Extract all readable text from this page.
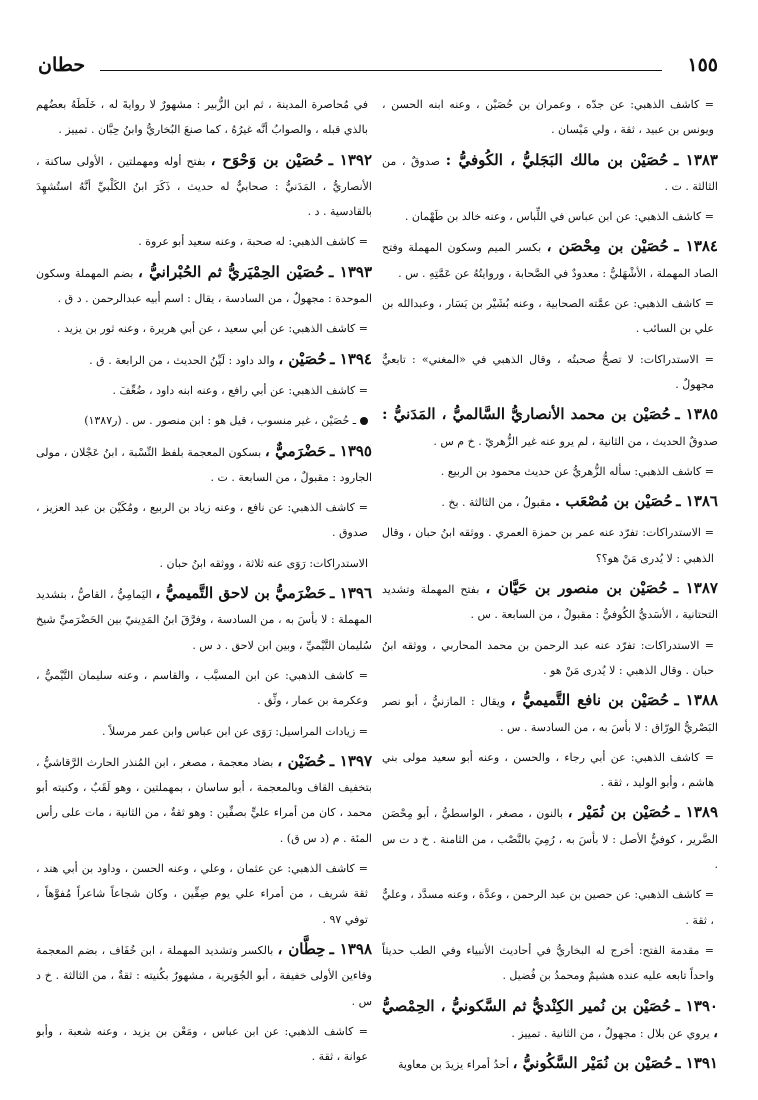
١٥٥
حطان

= كاشف الذهبي: عن جدّه ، وعمران بن حُصَيْن ، وعنه ابنه الحسن ، ويونس بن عبيد ، ثقة ، ولي مَيْسان .

١٣٨٣ ـ حُصَيْن بن مالك البَجَليُّ ، الكُوفيُّ : صدوقٌ ، من الثالثة . ت .

= كاشف الذهبي: عن ابن عباس في اللِّباس ، وعنه خالد بن طَهْمان .

١٣٨٤ ـ حُصَيْن بن مِحْصَن ، بكسر الميم وسكون المهملة وفتح الصاد المهملة ، الأشْهَليُّ : معدودٌ في الصَّحابة ، وروايتُهُ عن عَمَّتِهِ . س .

= كاشف الذهبي: عن عمَّته الصحابية ، وعنه بُشَيْر بن يَسَار ، وعبدالله بن علي بن السائب .

= الاستدراكات: لا تصحُّ صحبتُه ، وقال الذهبي في «المغني» : تابعيٌّ مجهولٌ .

١٣٨٥ ـ حُصَيْن بن محمد الأنصاريُّ السَّالميُّ ، المَدَنيُّ : صدوقٌ الحديث ، من الثانية ، لم يرو عنه غير الزُّهريّ . خ م س .

= كاشف الذهبي: سأله الزُّهريُّ عن حديث محمود بن الربيع .

١٣٨٦ ـ حُصَيْن بن مُصْعَب . مقبولٌ ، من الثالثة . بخ .

= الاستدراكات: تفرّد عنه عمر بن حمزة العمري . ووثقه ابنُ حبان ، وقال الذهبي : لا يُدرى مَنْ هو؟؟

١٣٨٧ ـ حُصَيْن بن منصور بن حَيَّان ، بفتح المهملة وتشديد التحتانية ، الأسَديُّ الكُوفيُّ : مقبولٌ ، من السابعة . س .

= الاستدراكات: تفرّد عنه عبد الرحمن بن محمد المحاربي ، ووثقه ابنُ حبان . وقال الذهبي : لا يُدرى مَنْ هو .

١٣٨٨ ـ حُصَيْن بن نافع التَّميميُّ ، ويقال : المازنيُّ ، أبو نصر البَصْريُّ الورّاق : لا بأسَ به ، من السادسة . س .

= كاشف الذهبي: عن أبي رجاء ، والحسن ، وعنه أبو سعيد مولى بني هاشم ، وأبو الوليد ، ثقة .

١٣٨٩ ـ حُصَيْن بن نُمَيْر ، بالنون ، مصغر ، الواسطيُّ ، أبو مِحْصَن الضَّرير ، كوفيُّ الأصل : لا بأسَ به ، رُمِيَ بالنَّصْب ، من الثامنة . خ د ت س .

= كاشف الذهبي: عن حصين بن عبد الرحمن ، وعدَّة ، وعنه مسدَّد ، وعليٌّ ، ثقة .

= مقدمة الفتح: أخرج له البخاريُّ في أحاديث الأنبياء وفي الطب حديثاً واحداً تابعه عليه عنده هشيمٌ ومحمدُ بن فُضيل .

١٣٩٠ ـ حُصَيْن بن نُمير الكِنْديُّ ثم السَّكونيُّ ، الحِمْصيُّ ، يروي عن بلال : مجهولٌ ، من الثانية . تمييز .

١٣٩١ ـ حُصَيْن بن نُمَيْر السَّكُونيُّ ، أحدُ أمراء يزيدَ بن معاوية

في مُحاصرة المدينة ، ثم ابن الزُّبير : مشهورٌ لا روايةَ له ، خَلَطَهُ بعضُهم بالذي قبله ، والصوابُ أنَّه غيرُهُ ، كما صنعَ البُخاريُّ وابنُ حِبَّان . تمييز .

١٣٩٢ ـ حُصَيْن بن وَحْوَح ، بفتح أوله ومهملتين ، الأولى ساكنة ، الأنصاريُّ ، المَدَنيُّ : صحابيٌّ له حديث ، ذَكَرَ ابنُ الكَلْبيِّ أنَّهُ استُشهِدَ بالقادسية . د .

= كاشف الذهبي: له صحبة ، وعنه سعيد أبو عروة .

١٣٩٣ ـ حُصَيْن الحِمْيَريُّ ثم الحُبْرانيُّ ، بضم المهملة وسكون الموحدة : مجهولٌ ، من السادسة ، يقال : اسم أبيه عبدالرحمن . د ق .

= كاشف الذهبي: عن أبي سعيد ، عن أبي هريرة ، وعنه ثور بن يزيد .

١٣٩٤ ـ حُصَيْن ، والد داود : لَيِّنُ الحديث ، من الرابعة . ق .

= كاشف الذهبي: عن أبي رافع ، وعنه ابنه داود ، ضُعِّفَ .

ـ حُصَيْن ، غير منسوب ، قيل هو : ابن منصور . س . (ر١٣٨٧)

١٣٩٥ ـ حَضْرَميٌّ ، بسكون المعجمة بلفظ النِّسْبة ، ابنُ عَجْلان ، مولى الجارود : مقبولٌ ، من السابعة . ت .

= كاشف الذهبي: عن نافع ، وعنه زياد بن الربيع ، ومُكَيْن بن عبد العزيز ، صدوق .

الاستدراكات: رَوَى عنه ثلاثة ، ووثقه ابنُ حبان .

١٣٩٦ ـ حَضْرَميُّ بن لاحق التَّميميُّ ، اليَمامِيُّ ، القاصُّ ، بتشديد المهملة : لا بأسَ به ، من السادسة ، وفرَّقَ ابنُ المَدِينيّ بين الحَضْرَميِّ شيخ سُليمان التَّيْميِّ ، وبين ابن لاحق . د س .

= كاشف الذهبي: عن ابن المسيَّب ، والقاسم ، وعنه سليمان التَّيْميُّ ، وعكرمة بن عمار ، وثِّق .

= زيادات المراسيل: رَوَى عن ابن عباس وابن عمر مرسلاً .

١٣٩٧ ـ حُضَيْن ، بضاد معجمة ، مصغر ، ابن المُنذر الحارث الرَّقاشيُّ ، بتخفيف القاف وبالمعجمة ، أبو ساسان ، بمهملتين ، وهو لَقَبٌ ، وكنيته أبو محمد ، كان من أمراء عليٍّ بصفِّين : وهو ثقةٌ ، من الثانية ، مات على رأس المئة . م (د س ق) .

= كاشف الذهبي: عن عثمان ، وعلي ، وعنه الحسن ، وداود بن أبي هند ، ثقة شريف ، من أمراء علي يوم صِفِّين ، وكان شجاعاً شاعراً مُفوَّهاً ، توفي ٩٧ .

١٣٩٨ ـ حِطَّان ، بالكسر وتشديد المهملة ، ابن خُفَاف ، بضم المعجمة وفاءين الأولى خفيفة ، أبو الجُوَيرية ، مشهورٌ بكُنيته : ثقةٌ ، من الثالثة . خ د س .

= كاشف الذهبي: عن ابن عباس ، ومَعْن بن يزيد ، وعنه شعبة ، وأبو عوانة ، ثقة .
